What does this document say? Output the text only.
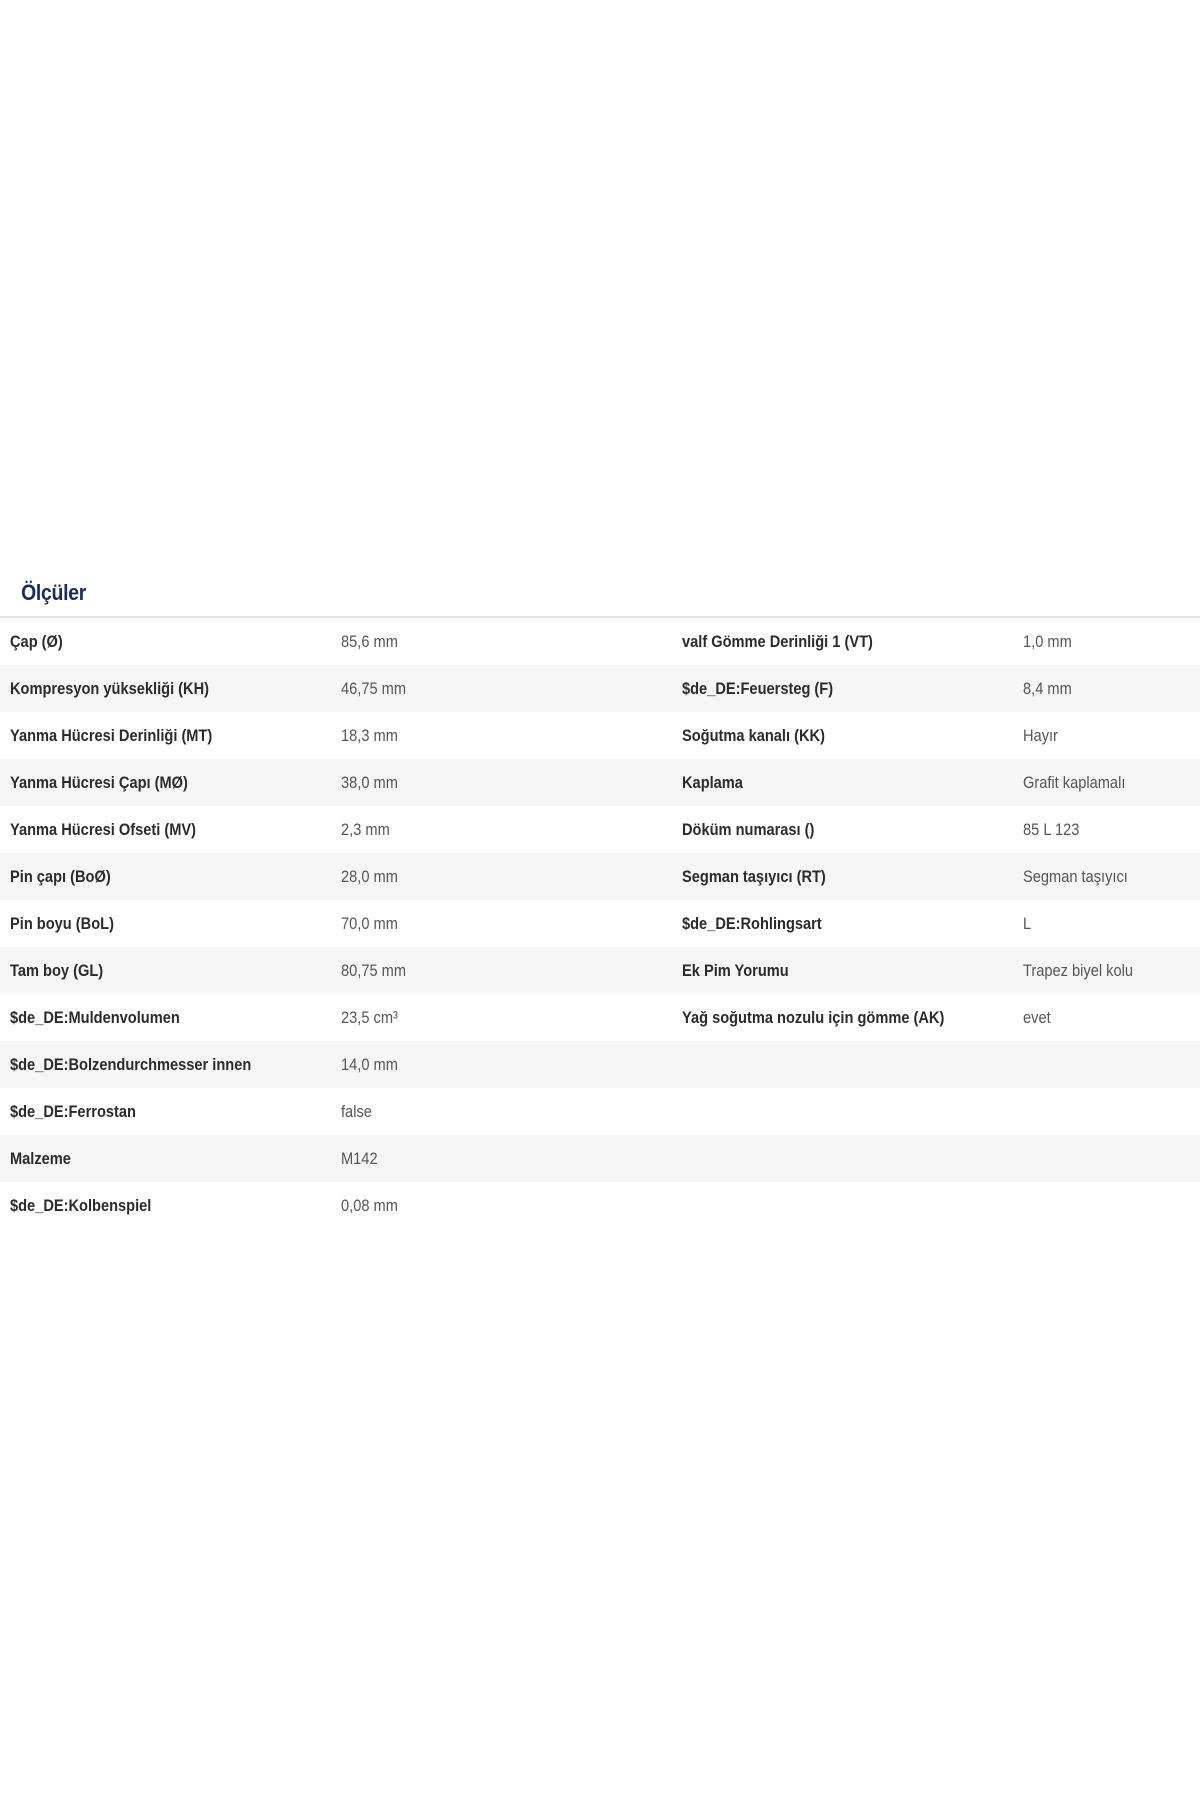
Ölçüler
Çap (Ø)	85,6 mm	valf Gömme Derinliği 1 (VT)	1,0 mm
Kompresyon yüksekliği (KH)	46,75 mm	$de_DE:Feuersteg (F)	8,4 mm
Yanma Hücresi Derinliği (MT)	18,3 mm	Soğutma kanalı (KK)	Hayır
Yanma Hücresi Çapı (MØ)	38,0 mm	Kaplama	Grafit kaplamalı
Yanma Hücresi Ofseti (MV)	2,3 mm	Döküm numarası ()	85 L 123
Pin çapı (BoØ)	28,0 mm	Segman taşıyıcı (RT)	Segman taşıyıcı
Pin boyu (BoL)	70,0 mm	$de_DE:Rohlingsart	L
Tam boy (GL)	80,75 mm	Ek Pim Yorumu	Trapez biyel kolu
$de_DE:Muldenvolumen	23,5 cm³	Yağ soğutma nozulu için gömme (AK)	evet
$de_DE:Bolzendurchmesser innen	14,0 mm		
$de_DE:Ferrostan	false		
Malzeme	M142		
$de_DE:Kolbenspiel	0,08 mm		
